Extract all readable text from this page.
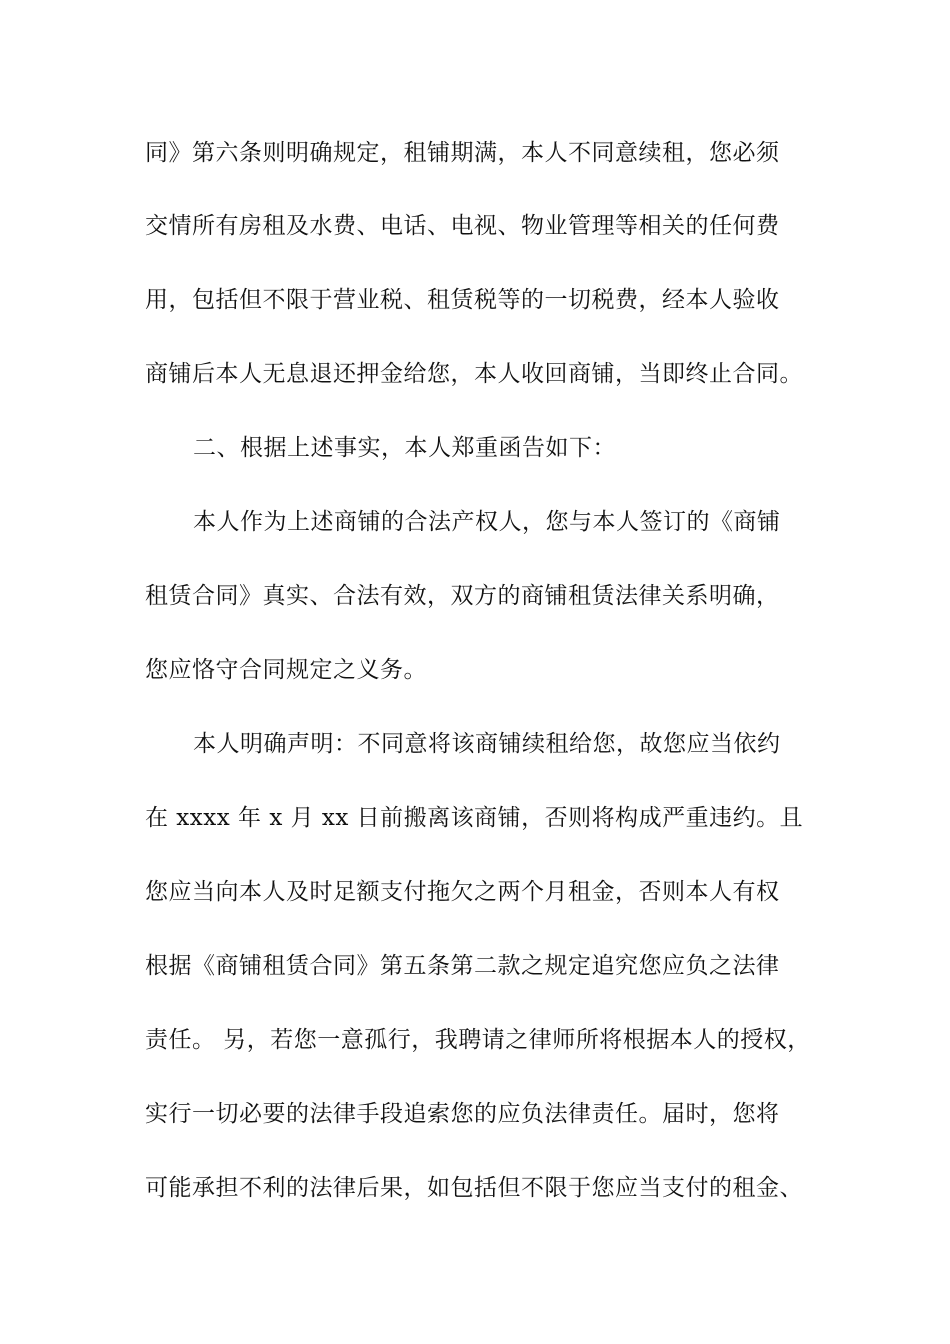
同》第六条则明确规定，租铺期满，本人不同意续租，您必须
交情所有房租及水费、电话、电视、物业管理等相关的任何费
用，包括但不限于营业税、租赁税等的一切税费，经本人验收
商铺后本人无息退还押金给您，本人收回商铺，当即终止合同。
二、根据上述事实，本人郑重函告如下：
本人作为上述商铺的合法产权人，您与本人签订的《商铺
租赁合同》真实、合法有效，双方的商铺租赁法律关系明确，
您应恪守合同规定之义务。
本人明确声明：不同意将该商铺续租给您，故您应当依约
在 xxxx 年 x 月 xx 日前搬离该商铺，否则将构成严重违约。且
您应当向本人及时足额支付拖欠之两个月租金，否则本人有权
根据《商铺租赁合同》第五条第二款之规定追究您应负之法律
责任。 另，若您一意孤行，我聘请之律师所将根据本人的授权，
实行一切必要的法律手段追索您的应负法律责任。届时，您将
可能承担不利的法律后果，如包括但不限于您应当支付的租金、
